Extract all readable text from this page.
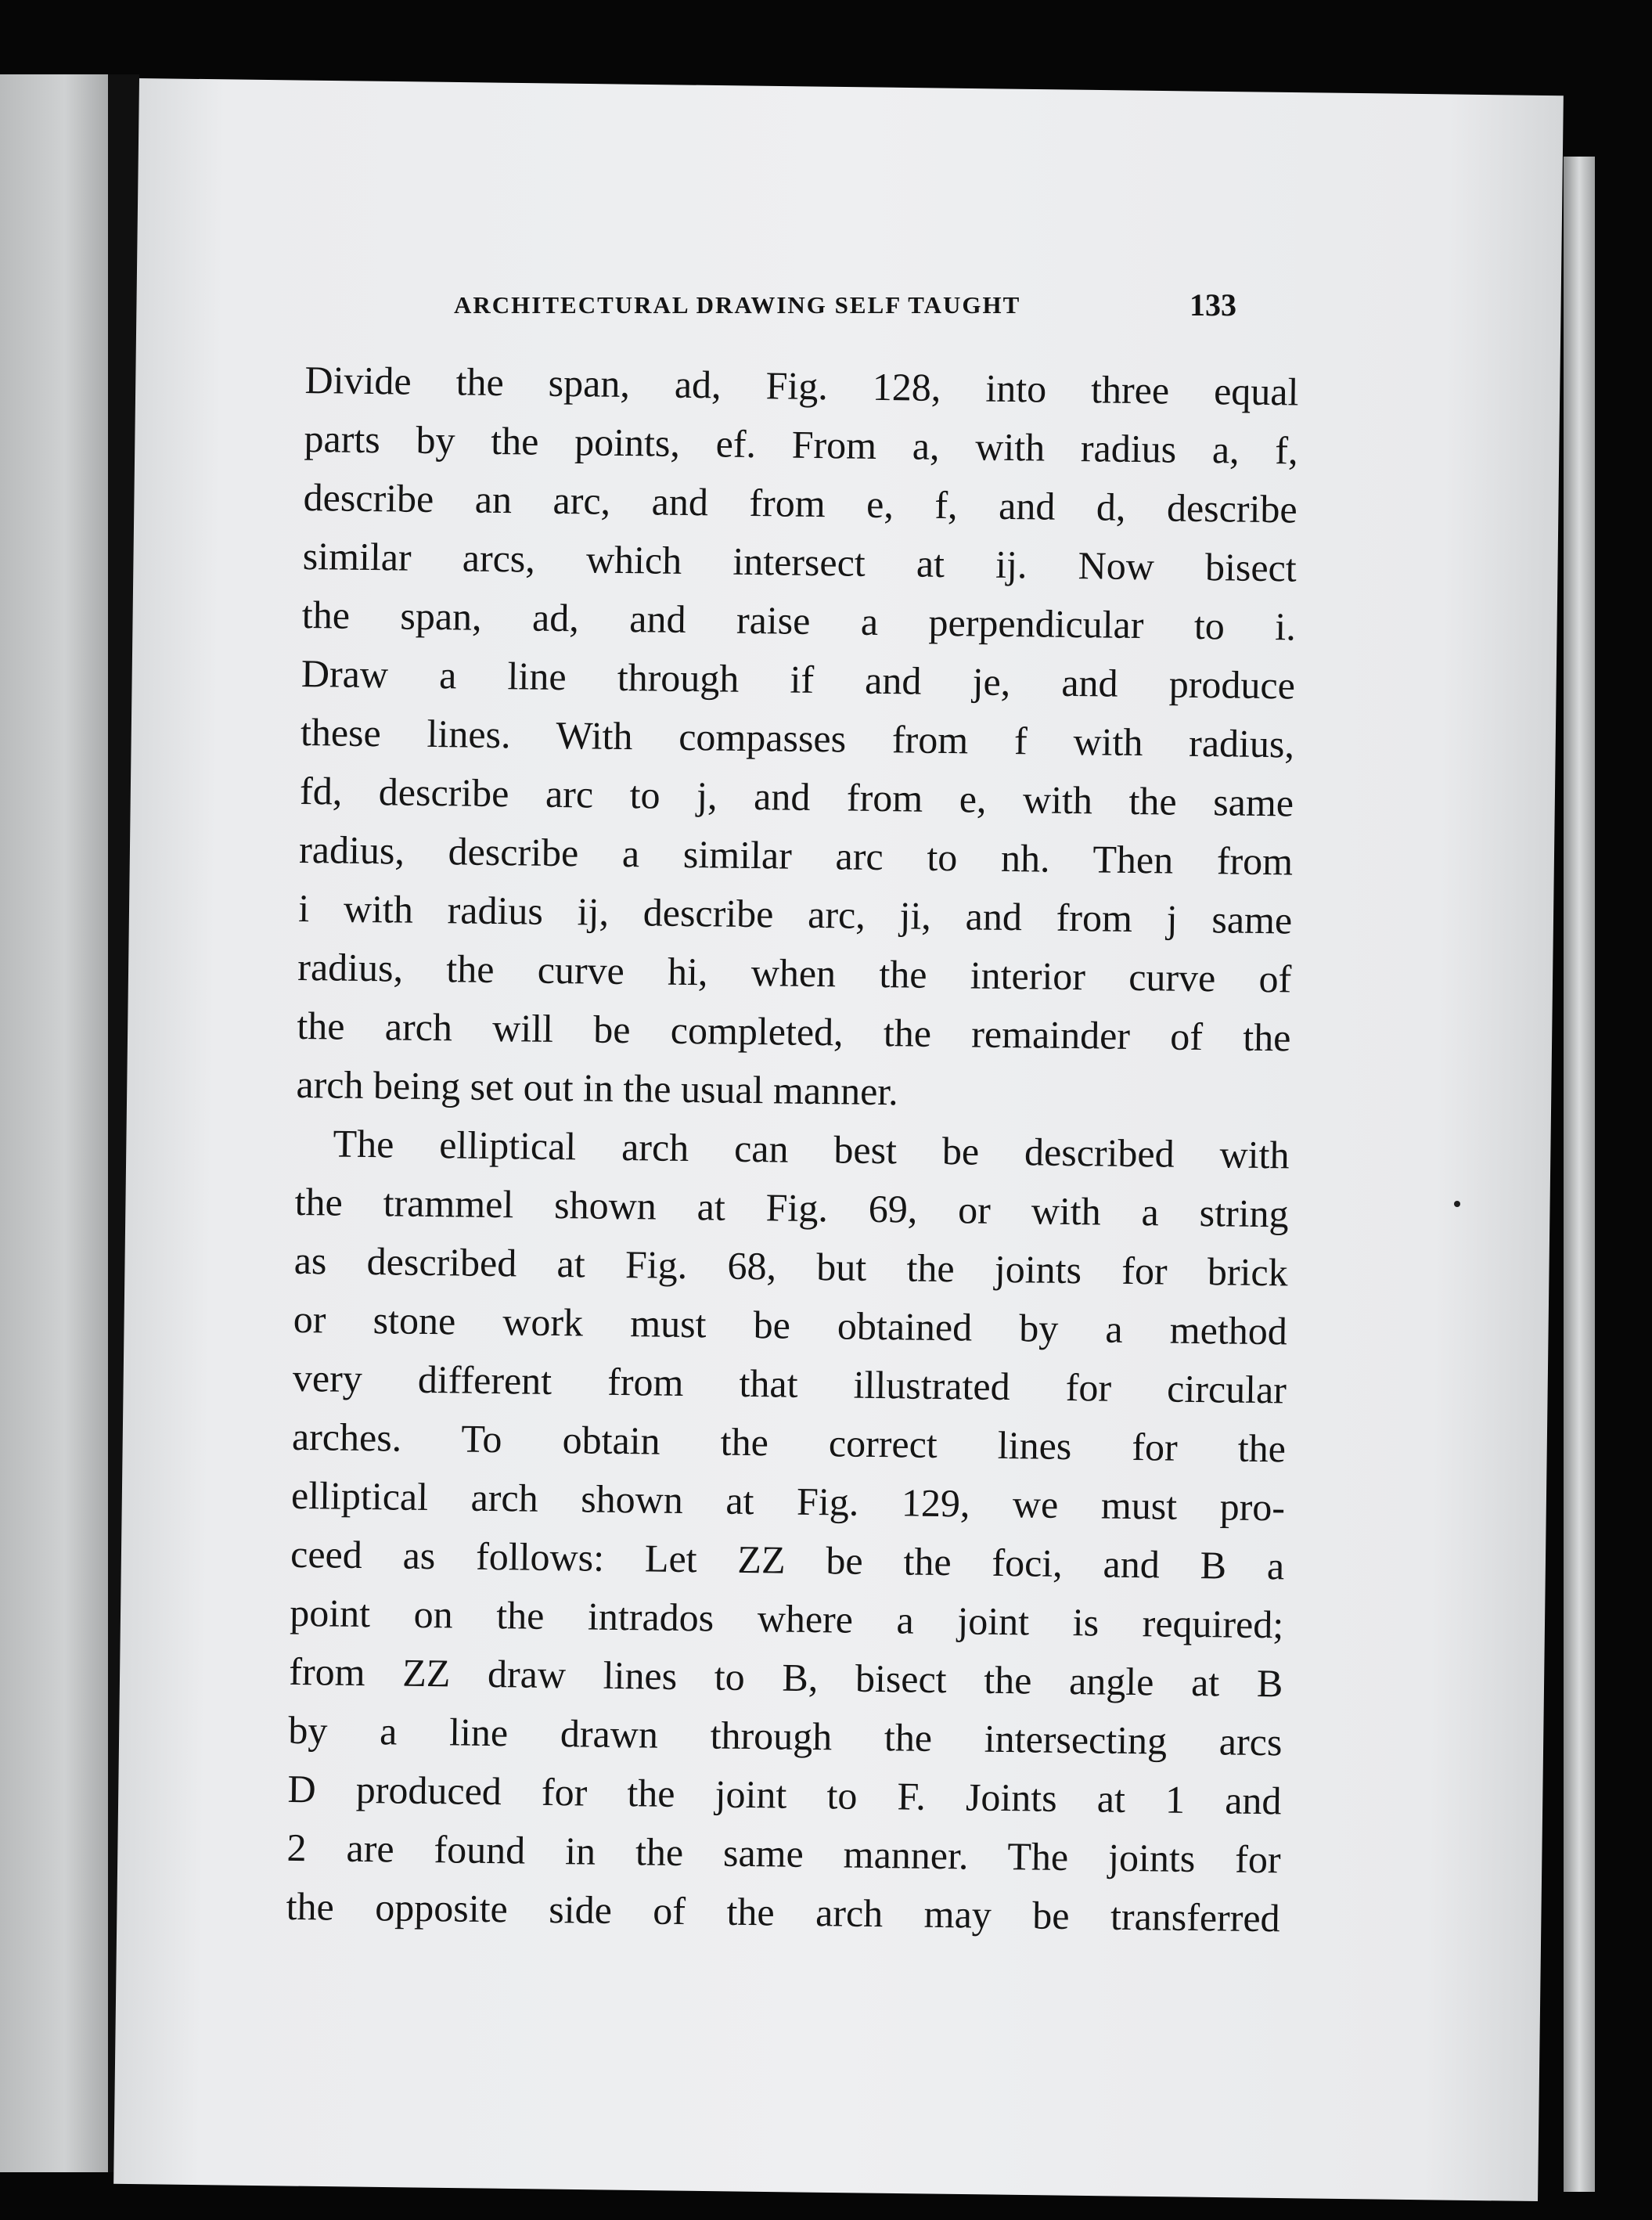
ARCHITECTURAL DRAWING SELF TAUGHT	133

Divide the span, ad, Fig. 128, into three equal
parts by the points, ef. From a, with radius a, f,
describe an arc, and from e, f, and d, describe
similar arcs, which intersect at ij. Now bisect
the span, ad, and raise a perpendicular to i.
Draw a line through if and je, and produce
these lines. With compasses from f with radius,
fd, describe arc to j, and from e, with the same
radius, describe a similar arc to nh. Then from
i with radius ij, describe arc, ji, and from j same
radius, the curve hi, when the interior curve of
the arch will be completed, the remainder of the
arch being set out in the usual manner.

The elliptical arch can best be described with
the trammel shown at Fig. 69, or with a string
as described at Fig. 68, but the joints for brick
or stone work must be obtained by a method
very different from that illustrated for circular
arches. To obtain the correct lines for the
elliptical arch shown at Fig. 129, we must pro-
ceed as follows: Let ZZ be the foci, and B a
point on the intrados where a joint is required;
from ZZ draw lines to B, bisect the angle at B
by a line drawn through the intersecting arcs
D produced for the joint to F. Joints at 1 and
2 are found in the same manner. The joints for
the opposite side of the arch may be transferred
